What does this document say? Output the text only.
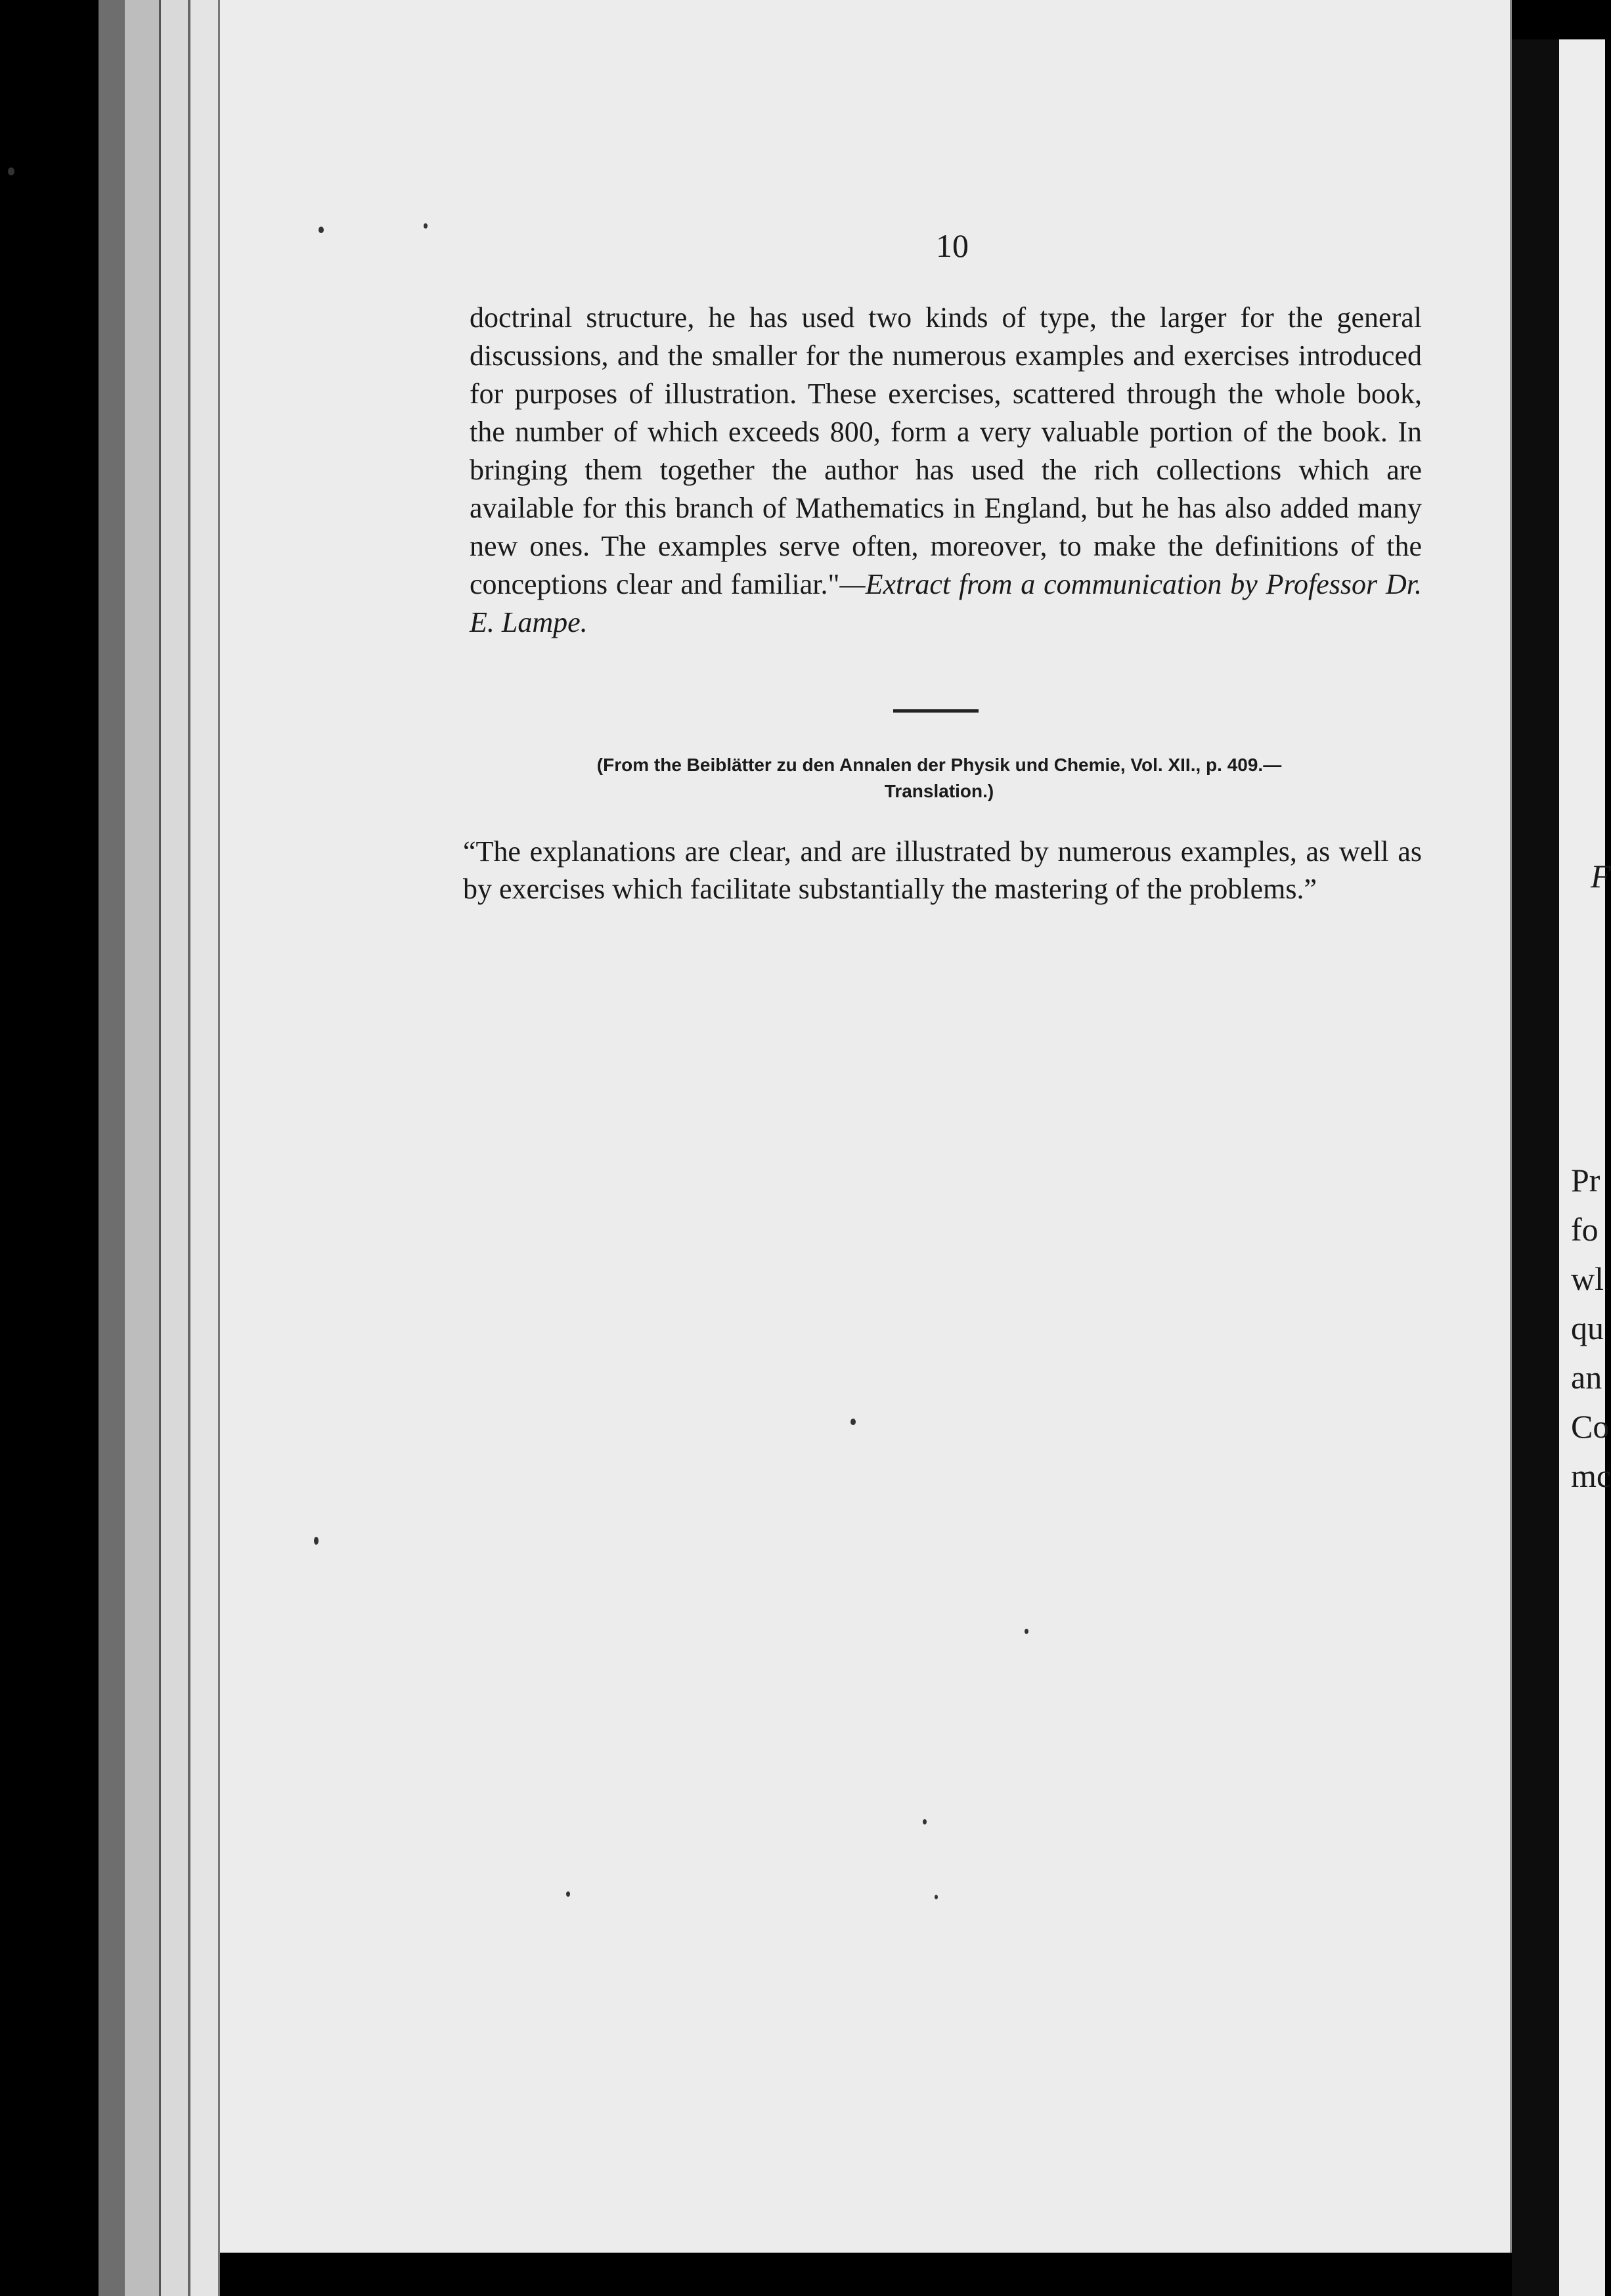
10

doctrinal structure, he has used two kinds of type, the larger for the general discussions, and the smaller for the numerous examples and exercises introduced for purposes of illustration. These exercises, scattered through the whole book, the number of which exceeds 800, form a very valuable portion of the book. In bringing them together the author has used the rich collections which are available for this branch of Mathematics in England, but he has also added many new ones. The examples serve often, moreover, to make the definitions of the conceptions clear and familiar."—Extract from a communication by Professor Dr. E. Lampe.

(From the Beiblätter zu den Annalen der Physik und Chemie, Vol. XII., p. 409.—
Translation.)
“The explanations are clear, and are illustrated by numerous examples, as well as by exercises which facilitate substantially the mastering of the problems.”	F
Pr
fo
wl
qu
an
Co
mc
